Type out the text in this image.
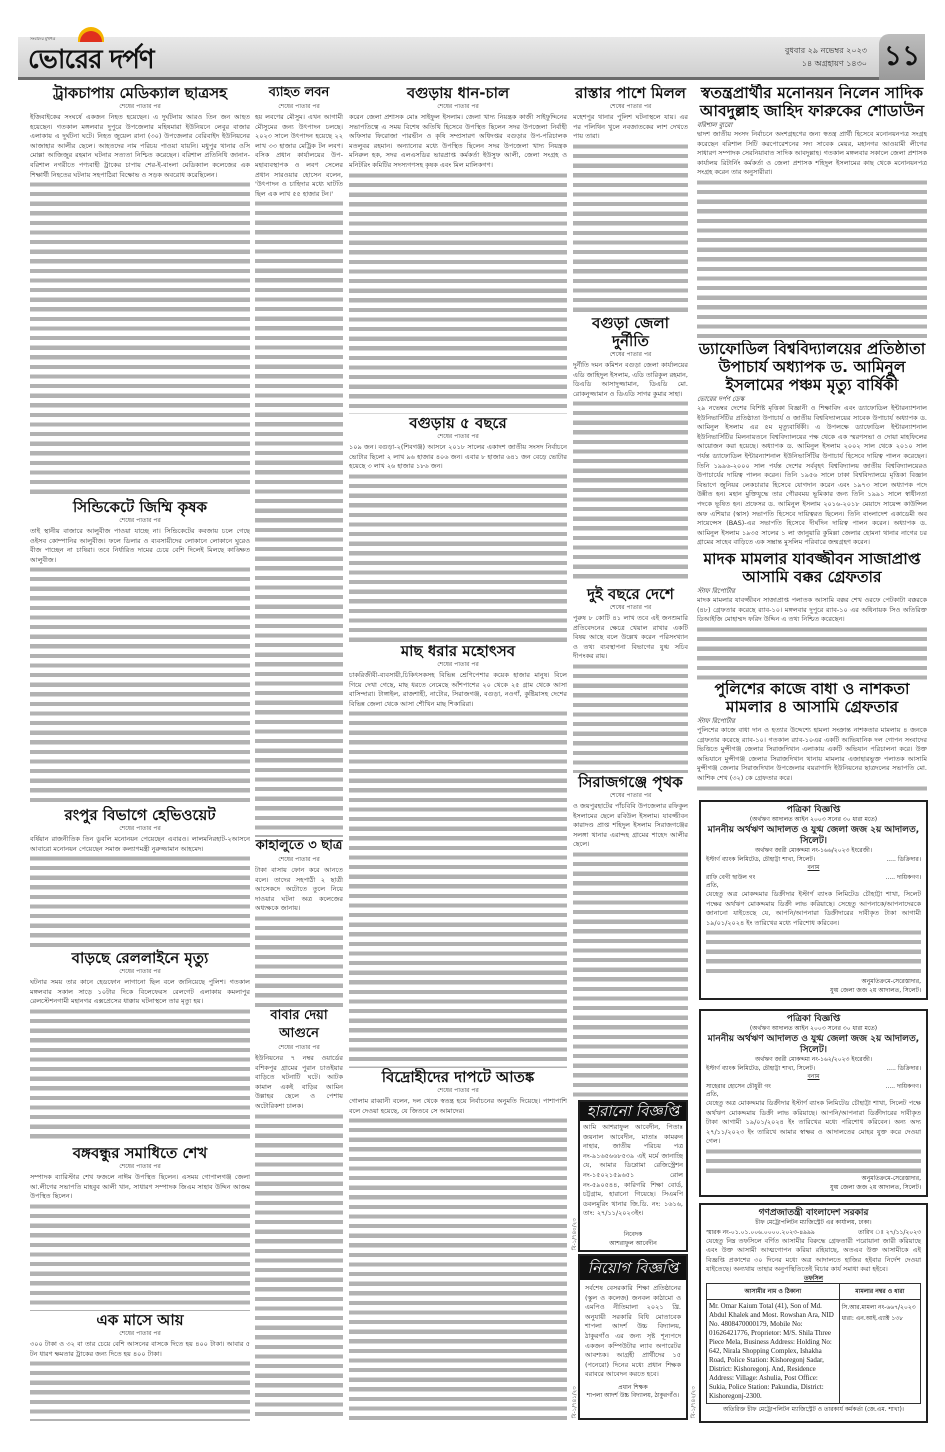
সংবাদের মুখপত্র
ভোরের দর্পণ	বুধবার ২৯ নভেম্বর ২০২৩
১৪ অগ্রহায়ণ ১৪৩০ ১১
ট্রাকচাপায় মেডিক্যাল ছাত্রসহ
শেষের পাতার পর
ইজিবাইকের সংঘর্ষে একজন নিহত হয়েছেন। এ দুর্ঘটনায় আরও তিন জন আহত হয়েছেন। গতকাল মঙ্গলবার দুপুরে উপজেলার মহিষমারা ইউনিয়নে লেবুর বাজার এলাকায় এ দুর্ঘটনা ঘটে। নিহত জুয়েল রানা (৩০) উপজেলার বেরিবাইদ ইউনিয়নের আজাহার আলীর ছেলে। আহতদের নাম পরিচয় পাওয়া যায়নি। মধুপুর থানার ওসি মোল্লা আজিজুর রহমান ঘটনার সত্যতা নিশ্চিত করেছেন। বরিশাল প্রতিনিধি জানান- বরিশাল নগরীতে পণ্যবাহী ট্রাকের চাপায় শের-ই-বাংলা মেডিক্যাল কলেজের এক শিক্ষার্থী নিহতের ঘটনায় সহপাঠিরা বিক্ষোভ ও সড়ক অবরোধ করেছিলেন।
সিন্ডিকেটে জিম্মি কৃষক
শেষের পাতার পর
তাই স্থানীয় বাজারে আলুবীজ পাওয়া যাচ্ছে না। সিন্ডিকেটের কবজায় চলে গেছে ওইসব কোম্পানির আলুবীজ। ফলে ডিলার ও ব্যবসায়ীদের লোকানে লোকানে ঘুরেও বীজ পাচ্ছেন না চাষিরা। তবে নির্ধারিত দামের চেয়ে বেশি দিলেই মিলছে কাঙ্ক্ষিত আলুবীজ।
রংপুর বিভাগে হেভিওয়েট
শেষের পাতার পর
বর্ষিয়ান রাজনীতিক তিন ডুবলি মনোনয়ন পেয়েছেন এবারও। লালমনিরহাট-২আসনে আবারো মনোনয়ন পেয়েছেন সমাজ কল্যাণমন্ত্রী নুরুজ্জামান আহমেদ।
বাড়ছে রেললাইনে মৃত্যু
শেষের পাতার পর
ঘটনার সময় তার কানে হেডফোন লাগানো ছিল বলে জানিয়েছে পুলিশ। গতকাল মঙ্গলবার সকাল সাড়ে ১০টার দিকে বিলেফেরস রেলগেট এলাকায় কমলাপুর রেলস্টেশনগামী মহানগর এক্সপ্রেসের ধাক্কায় ঘটনাস্থলে তার মৃত্যু হয়।
বঙ্গবন্ধুর সমাধিতে শেখ
শেষের পাতার পর
সম্পাদক ব্যারিস্টার শেখ ফজলে নাঈম উপস্থিত ছিলেন। এসময় গোপালগঞ্জ জেলা আ.লীগের সভাপতি মাহবুব আলী খান, সাধারণ সম্পাদক জিএম সাহাব উদ্দিন আজম উপস্থিত ছিলেন।
এক মাসে আয়
শেষের পাতার পর
৩০০ টাকা ও ৩২ বা তার চেয়ে বেশি আসনের বাসকে দিতে হয় ৪০০ টাকা। আবার ৫ টন ধারণ ক্ষমতার ট্রাকের জন্য দিতে হয় ৪০০ টাকা।
ব্যাহত লবন
শেষের পাতার পর
হয় লবণের মৌসুম। এখন আগামী মৌসুমের জন্য উৎপাদন চলছে। ২০২৩ সালে উৎপাদন হয়েছে ২২ লাখ ৩৩ হাজার মেট্রিক টন লবণ। বসিক প্রধান কার্যালয়ের উপ-মহাব্যবস্থাপক ও লবণ সেলের প্রধান সারওয়ার হোসেন বলেন, 'উৎপাদন ও চাহিদার মধ্যে ঘাটতি ছিল এক লাখ ৫৫ হাজার টন।'
কাহালুতে ৩ ছাত্র
শেষের পাতার পর
টাকা বাসায় ফোন করে আনতে বলে। তাদের সহপাঠী ২ ছাত্রী আসেকদে অটোতে তুলে নিয়ে দাওয়ার ঘটনা অত্র কলেজের অধ্যক্ষকে জানায়।
বাবার দেয়া আগুনে
শেষের পাতার পর
ইউনিয়নের ৭ নম্বর ওয়ার্ডের বশিকপুর গ্রামের পুরান চাতইয়ার বাড়িতে ঘটনাটি ঘটে। আটক কামাল একই বাড়ির আমিন উল্লাহর ছেলে ও পেশায় অটোরিকশা চালক।
বগুড়ায় ধান-চাল
শেষের পাতার পর
করেন জেলা প্রশাসক মোঃ সাইফুল ইসলাম। জেলা খাদ্য নিয়ন্ত্রক কাজী সাইফুদ্দিনের সভাপতিত্বে এ সময় বিশেষ অতিথি হিসেবে উপস্থিত ছিলেন সদর উপজেলা নির্বাহী অফিসার ফিরোজা পারভীন ও কৃষি সম্প্রসারণ অধিদপ্তর বগুড়ার উপ-পরিচালক মতলুবর রহমান। অন্যান্যের মধ্যে উপস্থিত ছিলেন সদর উপজেলা খাদ্য নিয়ন্ত্রক মনিরুল হক, সদর এলএসডির ভারপ্রাপ্ত কর্মকর্তা ইউসুফ আলী, জেলা সংগ্রহ ও মনিটরিং কমিটির সদস্যগণসহ কৃষক এবং মিল মালিকগণ।
বগুড়ায় ৫ বছরে
শেষের পাতার পর
১০৯ জন। বগুড়া-২(শিবগঞ্জ) আসনে ২০১৮ সালের একাদশ জাতীয় সংসদ নির্বাচনে ভোটার ছিলো ২ লাখ ৯৬ হাজার ৪০৬ জন। এবার ৮ হাজার ৬৪১ জন বেড়ে ভোটার হয়েছে ৩ লাখ ২৬ হাজার ১৮৬ জন।
মাছ ধরার মহোৎসব
শেষের পাতার পর
চাকরিজীবী-ব্যবসায়ী,চিকিৎসকসহ বিভিন্ন শ্রেণিপেশার কয়েক হাজার মানুষ। বিলে গিয়ে দেখা গেছে, মাছ ধরতে নেমেছে আঁশপাশের ২০ থেকে ২৫ গ্রাম থেকে আসা বাসিন্দারা। টাঙ্গাইল, রাজশাহী, নাটোর, সিরাজগঞ্জ, বগুড়া, নওগাঁ, কুষ্টিয়াসহ দেশের বিভিন্ন জেলা থেকে আসা শৌখিন মাছ শিকারিরা।
বিদ্রোহীদের দাপটে আতঙ্ক
শেষের পাতার পর
গোলাম রাব্বানী বলেন, দল থেকে স্বতন্ত্র হয়ে নির্বাচনের অনুমতি দিয়েছে। পাশাপাশি বলে দেওয়া হয়েছে, যে জিতবে সে আমাদের।
রাস্তার পাশে মিলল
শেষের পাতার পর
মহেশপুর থানার পুলিশ ঘটনাস্থলে যায়। এর পর পলিথিন খুলে নবজাতকের লাশ দেখতে পায় তারা।
বগুড়া জেলা দুর্নীতি
শেষের পাতার পর
দুর্নীতি দমন কমিশন বগুড়া জেলা কার্যালয়ের এডি জাহিদুল ইসলাম, এডি তারিকুল রহমান, ডিএডি আসাদুজ্জামান, ডিএডি মো. রোকনুজ্জামান ও ডিএডি সাগর কুমার সাহা।
দুই বছরে দেশে
শেষের পাতার পর
পুরুষ ৮ কোটি ৪১ লাখ তবে এই জনশুমারি প্রতিবেদনের ক্ষেত্রে খেয়াল রাখার একটি বিষয় আছে বলে উল্লেখ করেন পরিসংখ্যান ও তথ্য ব্যবস্থাপনা বিভাগের যুগ্ম সচিব দীপংকর রায়।
সিরাজগঞ্জে পৃথক
শেষের পাতার পর
ও জয়পুরহাটের পাঁচবিবি উপজেলার রফিকুল ইসলামের ছেলে রবিউল ইসলাম। যাবজ্জীবন কারাদণ্ড প্রাপ্ত শহিদুল ইসলাম সিরাজগঞ্জের সলঙ্গা থানার এরান্দহ গ্রামের শাহেদ আলীর ছেলে।
স্বতন্ত্রপ্রার্থীর মনোনয়ন নিলেন সাদিক আবদুল্লাহ জাহিদ ফারুকের শোডাউন
বরিশাল ব্যুরো
দ্বাদশ জাতীয় সংসদ নির্বাচনে অংশগ্রহণের জন্য স্বতন্ত্র প্রার্থী হিসেবে মনোনয়নপত্র সংগ্রহ করেছেন বরিশাল সিটি করপোরেশনের সদ্য সাবেক মেয়র, মহানগর আওয়ামী লীগের সাধারণ সম্পাদক সেরনিয়াবাত সাদিক আবদুল্লাহ। গতকাল মঙ্গলবার সকালে জেলা প্রশাসক কার্যালয় রিটার্নিং কর্মকর্তা ও জেলা প্রশাসক শহিদুল ইসলামের কাছ থেকে মনোনয়নপত্র সংগ্রহ করেন তার অনুসারীরা।
ড্যাফোডিল বিশ্ববিদ্যালয়ের প্রতিষ্ঠাতা উপাচার্য অধ্যাপক ড. আমিনুল ইসলামের পঞ্চম মৃত্যু বার্ষিকী
ভোরের দর্পণ ডেস্ক
২৯ নভেম্বর দেশের বিশিষ্ট মৃত্তিকা বিজ্ঞানী ও শিক্ষাবিদ এবং ড্যাফোডিল ইন্টারন্যাশনাল ইউনিভার্সিটির প্রতিষ্ঠাতা উপাচার্য ও জাতীয় বিশ্ববিদ্যালয়ের সাবেক উপাচার্য অধ্যাপক ড. আমিনুল ইসলাম এর ৫ম মৃত্যুবার্ষিকী। এ উপলক্ষে ড্যাফোডিল ইন্টারন্যাশনাল ইউনিভার্সিটির মিলনায়তনে বিশ্ববিদ্যালয়ের পক্ষ থেকে এক স্মরণসভা ও দোয়া মাহফিলের আয়োজন করা হয়েছে। অধ্যাপক ড. আমিনুল ইসলাম ২০০২ সাল থেকে ২০১০ সাল পর্যন্ত ড্যাফোডিল ইন্টারন্যাশনাল ইউনিভার্সিটির উপাচার্য হিসেবে দায়িত্ব পালন করেছেন। তিনি ১৯৯৬-২০০০ সাল পর্যন্ত দেশের সর্ববৃহৎ বিশ্ববিদ্যালয় জাতীয় বিশ্ববিদ্যালয়েরও উপাচার্যের দায়িত্ব পালন করেন। তিনি ১৯৫৬ সালে ঢাকা বিশ্ববিদ্যালয়ে মৃত্তিকা বিজ্ঞান বিভাগে জুনিয়র লেকচারার হিসেবে যোগদান করেন এবং ১৯৭৩ সালে অধ্যাপক পদে উন্নীত হন। মহান মুক্তিযুদ্ধে তার গৌরবময় ভূমিকার জন্য তিনি ১৯৯১ সালে স্বাধীনতা পদকে ভূষিত হন। প্রফেসর ড. আমিনুল ইসলাম ২০১৬-২০১৮ মেয়াদে সায়েন্স কাউন্সিল অফ এশিয়ার (স্কাস) সভাপতি হিসেবে দায়িত্বরত ছিলেন। তিনি বাংলাদেশ একাডেমী অব সায়েন্সেস (BAS)-এর সভাপতি হিসেবে দীর্ঘদিন দায়িত্ব পালন করেন। অধ্যাপক ড. আমিনুল ইসলাম ১৯৩৫ সালের ১ লা জানুয়ারি কুমিল্লা জেলার হোমনা থানার নাগের চর গ্রামের সাহেব বাড়িতে এক সম্ভ্রান্ত মুসলিম পরিবারে জন্মগ্রহণ করেন।
মাদক মামলার যাবজ্জীবন সাজাপ্রাপ্ত আসামি বক্কর গ্রেফতার
স্টাফ রিপোর্টার
মাদক মামলার যাবজ্জীবন সাজাপ্রাপ্ত পলাতক আসামি বক্কর শেখ ওরফে পেটকাটা বক্করকে (৪৮) গ্রেফতার করেছে র‌্যাব-১০। মঙ্গলবার দুপুরে র‌্যাব-১০ এর অধিনায়ক সিও অতিরিক্ত ডিআইজি মোহাম্মদ ফরিদ উদ্দিন এ তথ্য নিশ্চিত করেছেন।
পুলিশের কাজে বাধা ও নাশকতা মামলার ৪ আসামি গ্রেফতার
স্টাফ রিপোর্টার
পুলিশের কাজে বাধা দান ও হত্যার উদ্দেশ্যে হামলা সংক্রান্ত নাশকতার মামলায় ৪ জনকে গ্রেফতার করেছে র‌্যাব-১০। গতকাল র‌্যাব-১০এর একটি আভিযানিক দল গোপন সংবাদের ভিত্তিতে মুন্সীগঞ্জ জেলার সিরাজদিখান এলাকায় একটি অভিযান পরিচালনা করে। উক্ত অভিযানে মুন্সীগঞ্জ জেলার সিরাজদিখান থানায় মামলার এজাহারভুক্ত পলাতক আসামি মুন্সীগঞ্জ জেলার সিরাজদিখান উপজেলার বয়রাগাদি ইউনিয়নের ছাত্রদলের সভাপতি মো. আশিক শেখ (৩২) কে গ্রেফতার করে।
হারানো বিজ্ঞপ্তি
আমি আশরাফুল আবেদীন, পিতাঃ জয়নাল আবেদীন, মাতাঃ কামরুন নাহার, জাতীয় পরিচয় পত্র নং-৯১৬৫৬৬৮৫৩৯ এই মর্মে জানাচ্ছি যে, আমার ডিপ্লোমা রেজিস্ট্রেশন নং-১৫০২১৫৯৬৫১ রোল নং-৫৯০৫৪৪, কারিগরি শিক্ষা বোর্ড, চট্টগ্রাম, হারানো গিয়েছে। সিএমপি ডবলমুরিং থানার জি.ডি. নং: ১৬১৬, তাং: ২৭/১১/২০২৩ইং।
নিবেদক
আশরাফুল আবেদীন
নিয়োগ বিজ্ঞপ্তি
সর্বশেষ বেসরকারি শিক্ষা প্রতিষ্ঠানের (স্কুল ও কলেজ) জনবল কাঠামো ও এমপিও নীতিমালা ২০২১ খ্রি. অনুযায়ী সরকারি বিধি মোতাবেক শাপলা আদর্শ উচ্চ বিদ্যালয়, ঠাকুরগাঁও এর জন্য সৃষ্ট শূন্যপদে একজন কম্পিউটার ল্যাব অপারেটর আবশ্যক। আগ্রহী প্রার্থীদের ১৫ (পনেরো) দিনের মধ্যে প্রধান শিক্ষক বরাবরে আবেদন করতে হবে।
প্রধান শিক্ষক
শাপলা আদর্শ উচ্চ বিদ্যালয়, ঠাকুরগাঁও।
পত্রিকা বিজ্ঞপ্তি
(অর্থঋণ আদালত আইন ২০০৩ সনের ৩০ ধারা মতে)
মাননীয় অর্থঋণ আদালত ও যুগ্ম জেলা জজ ২য় আদালত, সিলেট।
অর্থঋণ জারী মোকদ্দমা নং-১৬৬/২০২৩ ইংরেজী।
ইস্টার্ণ ব্যাংক লিমিটেড, চৌহাট্টা শাখা, সিলেট।	..... ডিক্রিদার।
বনাম
রাফি বেগী ছাউল গং	..... দায়িকগণ।
প্রতি,
যেহেতু অত্র মোকদ্দমার ডিক্রীদার ইস্টার্ণ ব্যাংক লিমিটেড চৌহাট্টা শাখা, সিলেট পক্ষের অর্থঋণ মোকদ্দমায় ডিক্রী লাভ করিয়াছে। সেহেতু আপনাকে/আপনাদেরকে জানানো যাইতেছে যে, আপনি/আপনারা ডিক্রীদারের দাবীকৃত টাকা আগামী ১৯/০১/২০২৪ ইং তারিখের মধ্যে পরিশোধ করিবেন।
অনুমতিক্রমে-সেরেস্তাদার,
যুগ্ম জেলা জজ ২য় আদালত, সিলেট।
পত্রিকা বিজ্ঞপ্তি
(অর্থঋণ আদালত আইন ২০০৩ সনের ৩০ ধারা মতে)
মাননীয় অর্থঋণ আদালত ও যুগ্ম জেলা জজ ২য় আদালত, সিলেট।
অর্থঋণ জারী মোকদ্দমা নং-১৬২/২০২৩ ইংরেজী।
ইস্টার্ণ ব্যাংক লিমিটেড, চৌহাট্টা শাখা, সিলেট।	..... ডিক্রিদার।
বনাম
সাহেরার হোসেন চৌধুরী গং	..... দায়িকগণ।
প্রতি,
যেহেতু অত্র মোকদ্দমার ডিক্রীদার ইস্টার্ণ ব্যাংক লিমিটেড চৌহাট্টা শাখা, সিলেট পক্ষে অর্থঋণ মোকদ্দমায় ডিক্রী লাভ করিয়াছে। আপনি/আপনারা ডিক্রীদারের দাবীকৃত টাকা আগামী ১৯/০১/২০২৪ ইং তারিখের মধ্যে পরিশোধ করিবেন। অন্য অদ্য ২৭/১১/২০২৩ ইং তারিখে আমার স্বাক্ষর ও আদালতের মোহর যুক্ত করে দেওয়া গেল।
অনুমতিক্রমে-সেরেস্তাদার,
যুগ্ম জেলা জজ ২য় আদালত, সিলেট।
গণপ্রজাতন্ত্রী বাংলাদেশ সরকার
চীফ মেট্রোপলিটন ম্যাজিস্ট্রেট এর কার্যালয়, ঢাকা।
স্মারক নং-০১.০১.০০৬.০০০০.২০২৩-৪৯৯৯	তারিখ ঃ ২৭/১১/২০২৩
যেহেতু নিম্ন তফসিলে বর্ণিত আসামীর বিরুদ্ধে গ্রেফতারী পরোয়ানা জারী করিয়াছে এবং উক্ত আসামী আত্মগোপন করিয়া রহিয়াছে, অতএব উক্ত আসামীকে এই বিজ্ঞপ্তি প্রকাশের ৩০ দিনের মধ্যে অত্র আদালতে হাজির হইবার নির্দেশ দেওয়া যাইতেছে। অন্যথায় তাহার অনুপস্থিতিতেই বিচার কার্য সমাধা করা হইবে।
তফসিল
আসামীর নাম ও ঠিকানা	মামলার নম্বর ও ধারা
Mr. Omar Kaium Total (41), Son of Md. Abdul Khalek and Most. Rowshan Ara, NID No. 4808470000179, Mobile No: 01626421776, Proprietor: M/S. Shila Three Piece Mela, Business Address: Holding No: 642, Nirala Shopping Complex, Ishakha Road, Police Station: Kishoregonj Sadar, District: Kishoregonj. And, Residence Address: Village: Ashulia, Post Office: Sukia, Police Station: Pakundia, District: Kishoregonj-2300.	সি.আর.মামলা নং-৬৬৭/২০২৩ ধারা: এন.আই.এ্যাক্ট ১৩৮
অতিরিক্ত চীফ মেট্রোপলিটন ম্যাজিস্ট্রেট ও তারকার্য কর্মকর্তা (জে.এম. শাখা)।
বি-১/৭৪০/২৩
বি-১/৭৪১/২৩	বি-১/৭৪২/২৩
